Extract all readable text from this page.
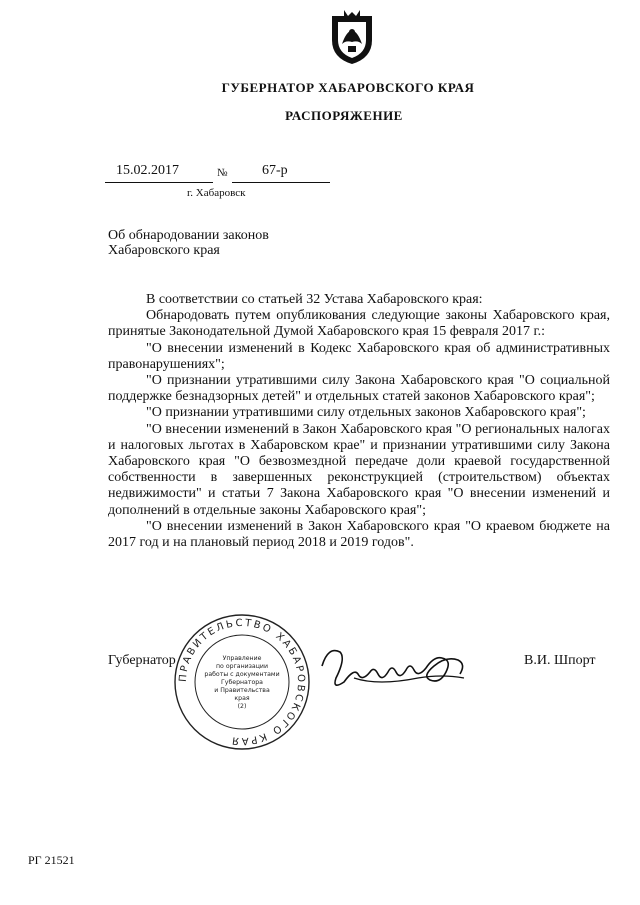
ГУБЕРНАТОР ХАБАРОВСКОГО КРАЯ
РАСПОРЯЖЕНИЕ
15.02.2017	№ 67-р
г. Хабаровск
Об обнародовании законов
Хабаровского края

В соответствии со статьей 32 Устава Хабаровского края:

Обнародовать путем опубликования следующие законы Хабаровского края, принятые Законодательной Думой Хабаровского края 15 февраля 2017 г.:

"О внесении изменений в Кодекс Хабаровского края об административных правонарушениях";

"О признании утратившими силу Закона Хабаровского края "О социальной поддержке безнадзорных детей" и отдельных статей законов Хабаровского края";

"О признании утратившими силу отдельных законов Хабаровского края";

"О внесении изменений в Закон Хабаровского края "О региональных налогах и налоговых льготах в Хабаровском крае" и признании утратившими силу Закона Хабаровского края "О безвозмездной передаче доли краевой государственной собственности в завершенных реконструкцией (строительством) объектах недвижимости" и статьи 7 Закона Хабаровского края "О внесении изменений и дополнений в отдельные законы Хабаровского края";

"О внесении изменений в Закон Хабаровского края "О краевом бюджете на 2017 год и на плановый период 2018 и 2019 годов".

Губернатор	В.И. Шпорт
ПРАВИТЕЛЬСТВО ХАБАРОВСКОГО КРАЯ
Управление
по организации
работы с документами
Губернатора
и Правительства
края
(2)
РГ 21521
